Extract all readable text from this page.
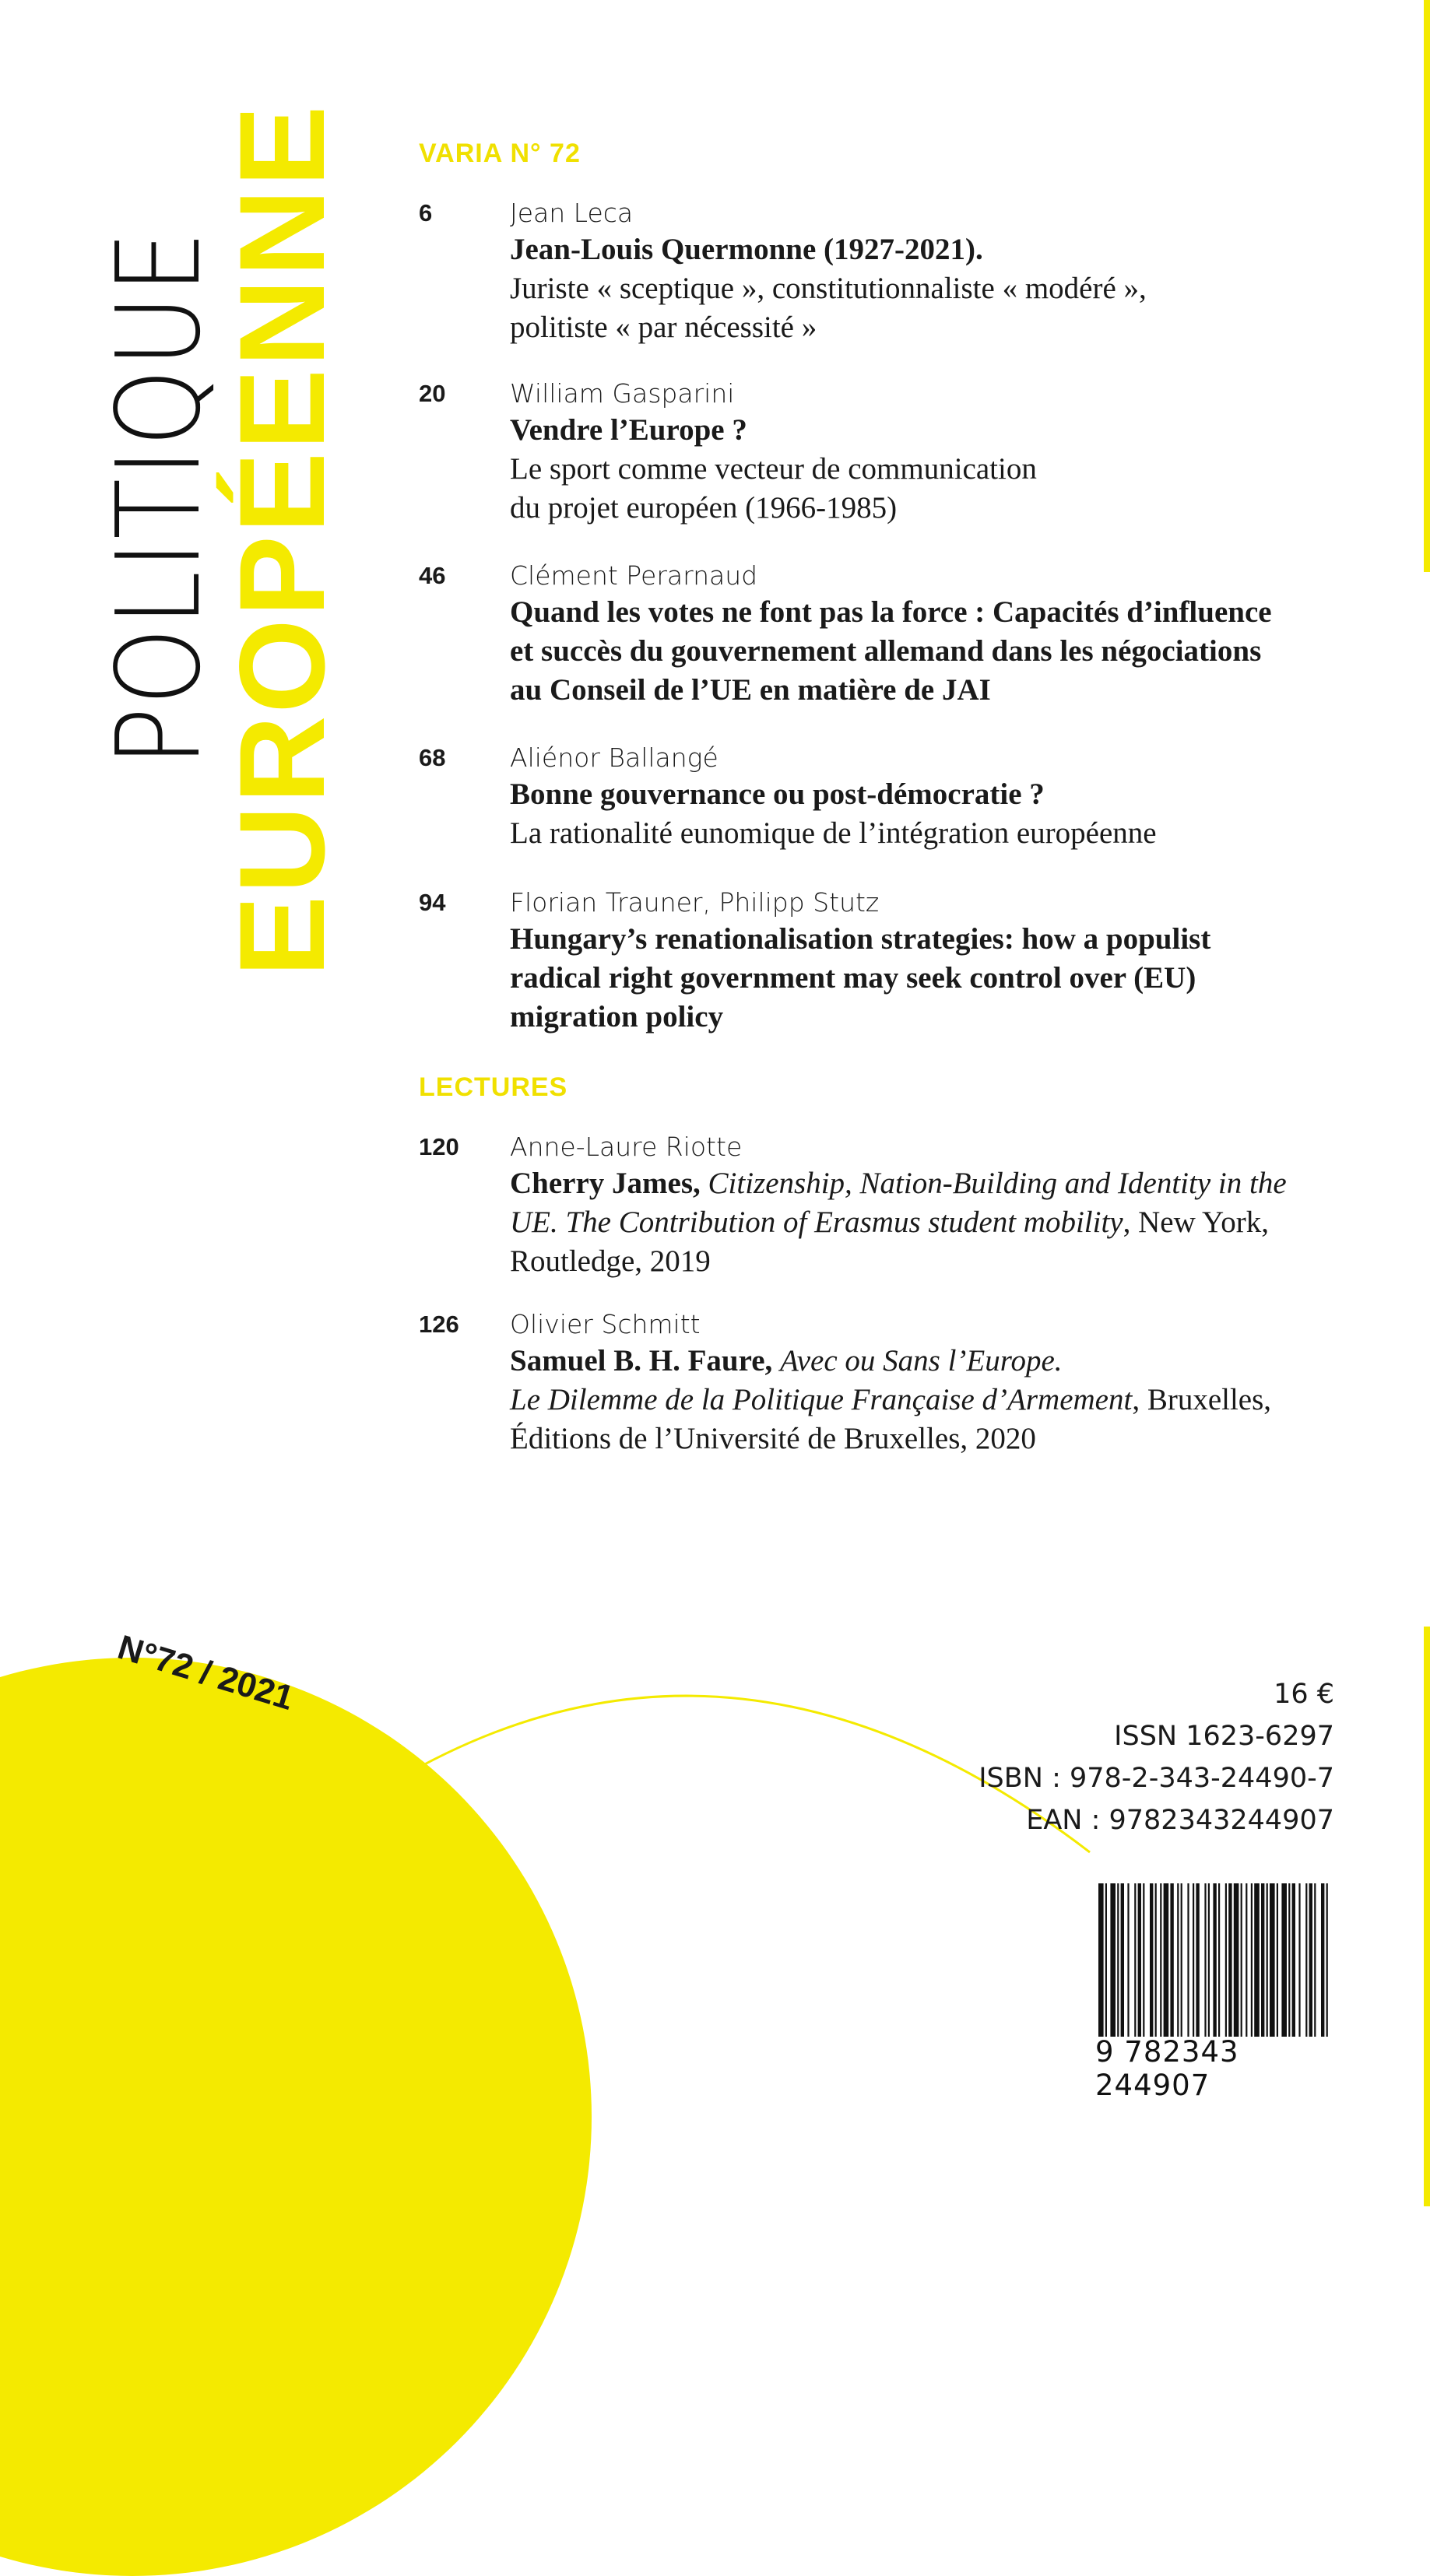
POLITIQUE
EUROPÉENNE	VARIA N° 72
6	Jean Leca
Jean-Louis Quermonne (1927-2021).
Juriste « sceptique », constitutionnaliste « modéré »,
politiste « par nécessité »
20	William Gasparini
Vendre l’Europe ?
Le sport comme vecteur de communication
du projet européen (1966-1985)
46	Clément Perarnaud
Quand les votes ne font pas la force : Capacités d’influence
et succès du gouvernement allemand dans les négociations
au Conseil de l’UE en matière de JAI
68	Aliénor Ballangé
Bonne gouvernance ou post-démocratie ?
La rationalité eunomique de l’intégration européenne
94	Florian Trauner, Philipp Stutz
Hungary’s renationalisation strategies: how a populist
radical right government may seek control over (EU)
migration policy
LECTURES
120 Anne-Laure Riotte
Cherry James, Citizenship, Nation-Building and Identity in the
UE. The Contribution of Erasmus student mobility, New York,
Routledge, 2019
126 Olivier Schmitt
Samuel B. H. Faure, Avec ou Sans l’Europe.
Le Dilemme de la Politique Française d’Armement, Bruxelles,
Éditions de l’Université de Bruxelles, 2020
N°72 / 2021	16 €
ISSN 1623-6297
ISBN : 978-2-343-24490-7
EAN : 9782343244907
9 782343 244907
